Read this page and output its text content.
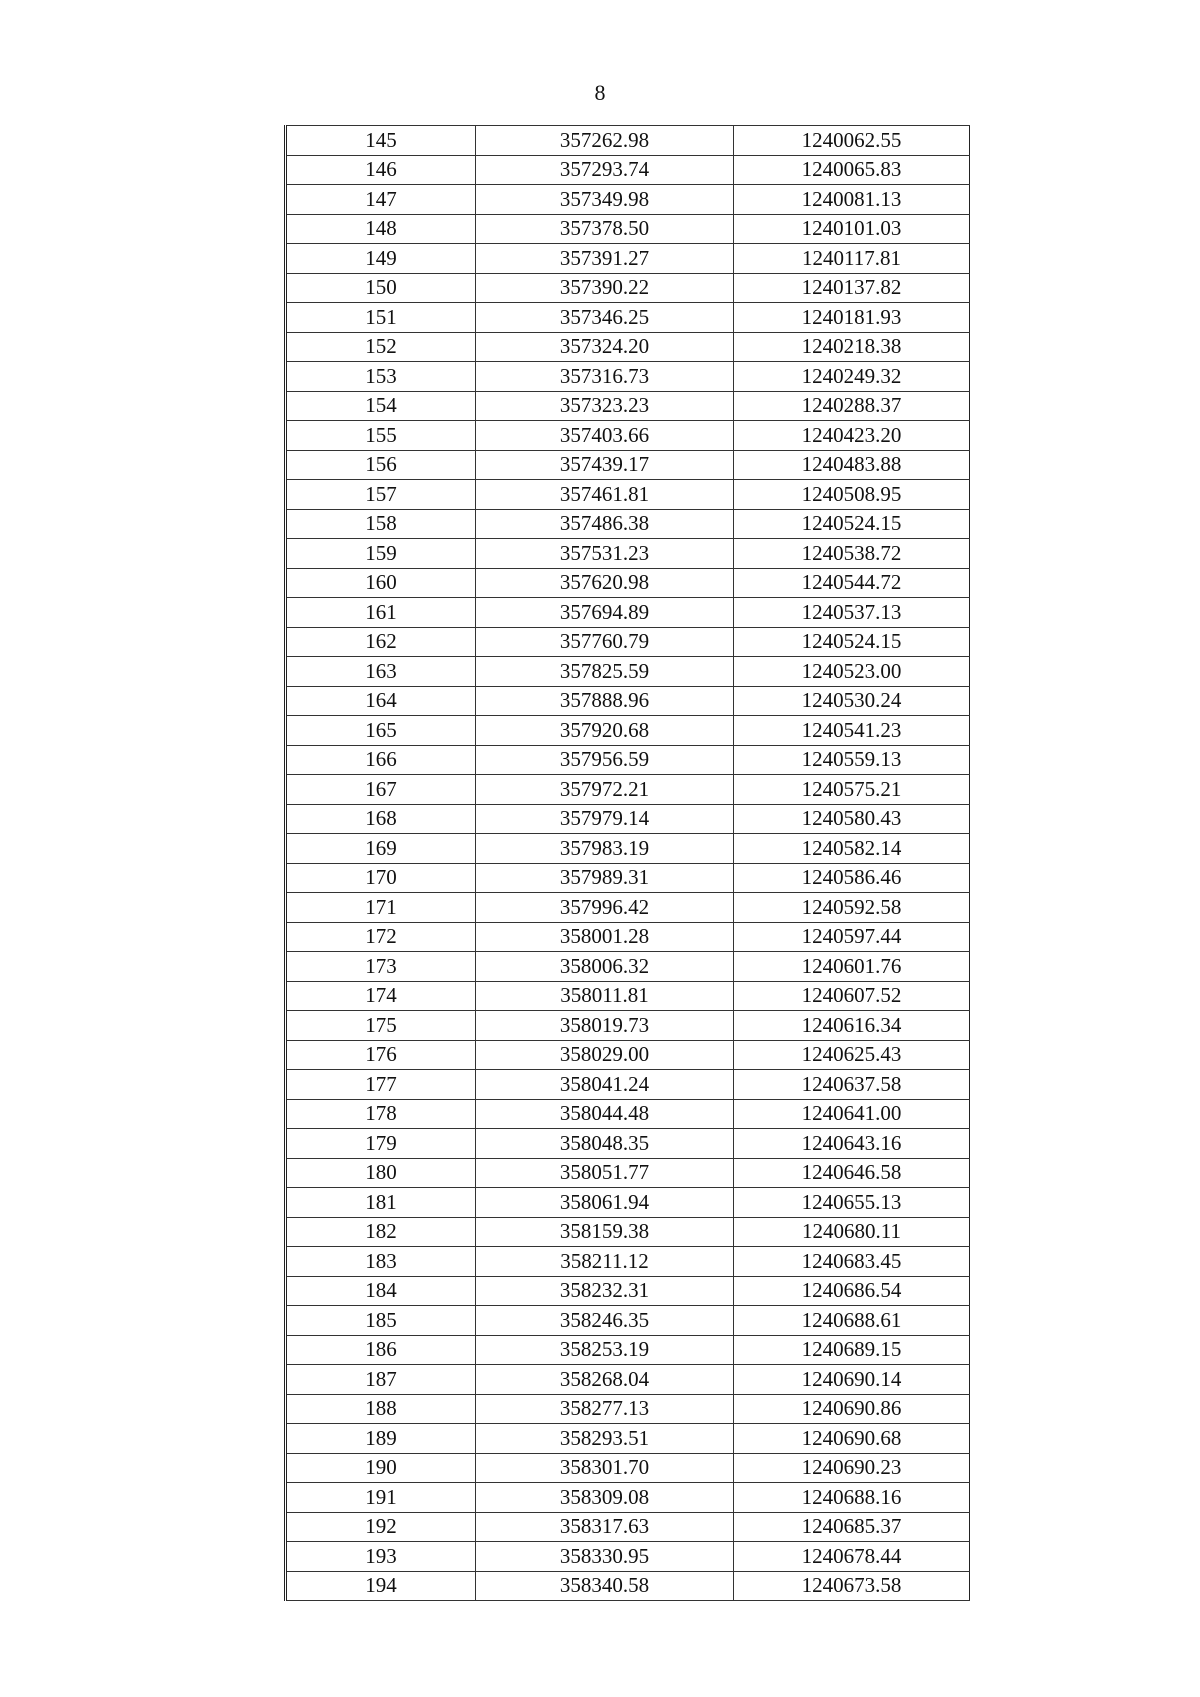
8
145	357262.98	1240062.55
146	357293.74	1240065.83
147	357349.98	1240081.13
148	357378.50	1240101.03
149	357391.27	1240117.81
150	357390.22	1240137.82
151	357346.25	1240181.93
152	357324.20	1240218.38
153	357316.73	1240249.32
154	357323.23	1240288.37
155	357403.66	1240423.20
156	357439.17	1240483.88
157	357461.81	1240508.95
158	357486.38	1240524.15
159	357531.23	1240538.72
160	357620.98	1240544.72
161	357694.89	1240537.13
162	357760.79	1240524.15
163	357825.59	1240523.00
164	357888.96	1240530.24
165	357920.68	1240541.23
166	357956.59	1240559.13
167	357972.21	1240575.21
168	357979.14	1240580.43
169	357983.19	1240582.14
170	357989.31	1240586.46
171	357996.42	1240592.58
172	358001.28	1240597.44
173	358006.32	1240601.76
174	358011.81	1240607.52
175	358019.73	1240616.34
176	358029.00	1240625.43
177	358041.24	1240637.58
178	358044.48	1240641.00
179	358048.35	1240643.16
180	358051.77	1240646.58
181	358061.94	1240655.13
182	358159.38	1240680.11
183	358211.12	1240683.45
184	358232.31	1240686.54
185	358246.35	1240688.61
186	358253.19	1240689.15
187	358268.04	1240690.14
188	358277.13	1240690.86
189	358293.51	1240690.68
190	358301.70	1240690.23
191	358309.08	1240688.16
192	358317.63	1240685.37
193	358330.95	1240678.44
194	358340.58	1240673.58
